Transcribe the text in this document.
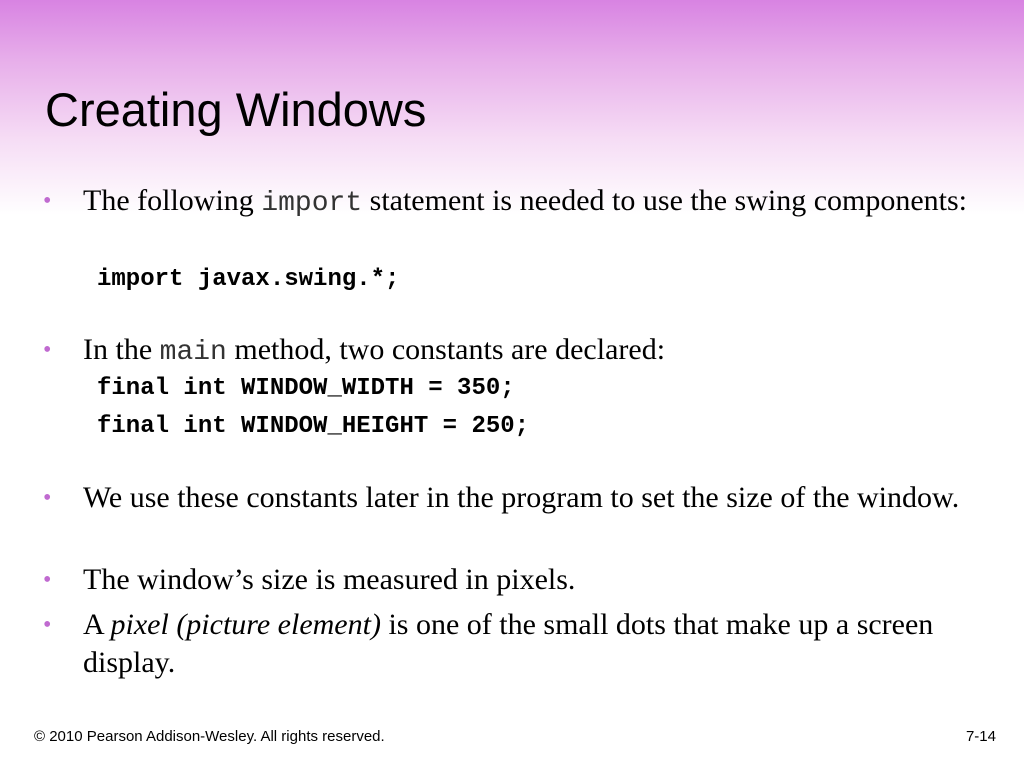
Creating Windows
• The following import statement is needed to use the swing components:

import javax.swing.*;
• In the main method, two constants are declared:

final int WINDOW_WIDTH = 350;
final int WINDOW_HEIGHT = 250;
• We use these constants later in the program to set the size of the window.

• The window’s size is measured in pixels.

• A pixel (picture element) is one of the small dots that make up a screen display.

© 2010 Pearson Addison-Wesley. All rights reserved.	7-14
